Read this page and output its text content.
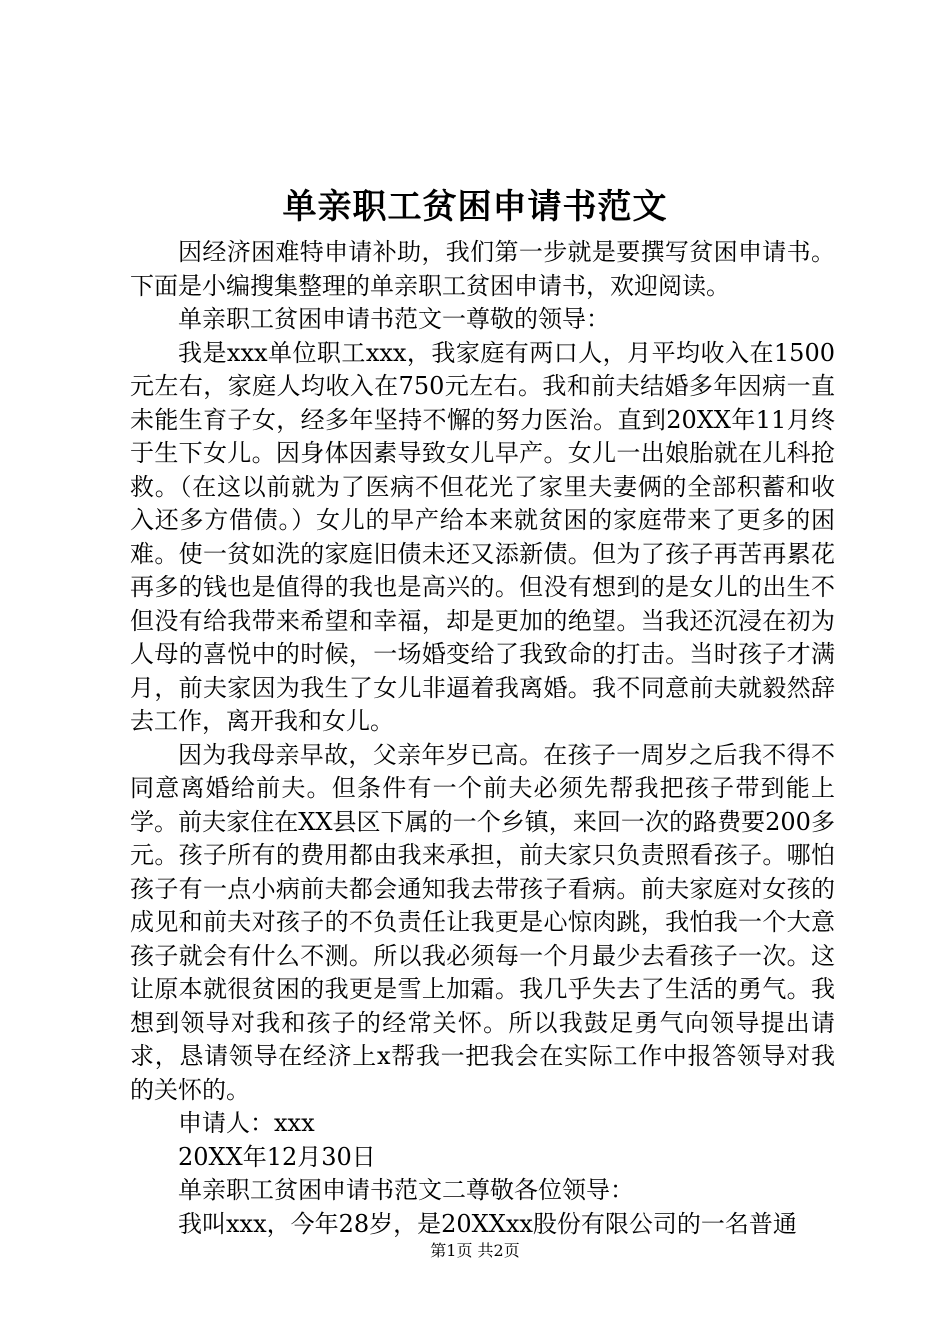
单亲职工贫困申请书范文

因经济困难特申请补助，我们第一步就是要撰写贫困申请书。下面是小编搜集整理的单亲职工贫困申请书，欢迎阅读。

单亲职工贫困申请书范文一尊敬的领导：

我是xxx单位职工xxx，我家庭有两口人，月平均收入在1500元左右，家庭人均收入在750元左右。我和前夫结婚多年因病一直未能生育子女，经多年坚持不懈的努力医治。直到20XX年11月终于生下女儿。因身体因素导致女儿早产。女儿一出娘胎就在儿科抢救。（在这以前就为了医病不但花光了家里夫妻俩的全部积蓄和收入还多方借债。）女儿的早产给本来就贫困的家庭带来了更多的困难。使一贫如洗的家庭旧债未还又添新债。但为了孩子再苦再累花再多的钱也是值得的我也是高兴的。但没有想到的是女儿的出生不但没有给我带来希望和幸福，却是更加的绝望。当我还沉浸在初为人母的喜悦中的时候，一场婚变给了我致命的打击。当时孩子才满月，前夫家因为我生了女儿非逼着我离婚。我不同意前夫就毅然辞去工作，离开我和女儿。

因为我母亲早故，父亲年岁已高。在孩子一周岁之后我不得不同意离婚给前夫。但条件有一个前夫必须先帮我把孩子带到能上学。前夫家住在XX县区下属的一个乡镇，来回一次的路费要200多元。孩子所有的费用都由我来承担，前夫家只负责照看孩子。哪怕孩子有一点小病前夫都会通知我去带孩子看病。前夫家庭对女孩的成见和前夫对孩子的不负责任让我更是心惊肉跳，我怕我一个大意孩子就会有什么不测。所以我必须每一个月最少去看孩子一次。这让原本就很贫困的我更是雪上加霜。我几乎失去了生活的勇气。我想到领导对我和孩子的经常关怀。所以我鼓足勇气向领导提出请求，恳请领导在经济上x帮我一把我会在实际工作中报答领导对我的关怀的。

申请人：xxx

20XX年12月30日

单亲职工贫困申请书范文二尊敬各位领导：

我叫xxx，今年28岁，是20XXxx股份有限公司的一名普通

第1页 共2页
